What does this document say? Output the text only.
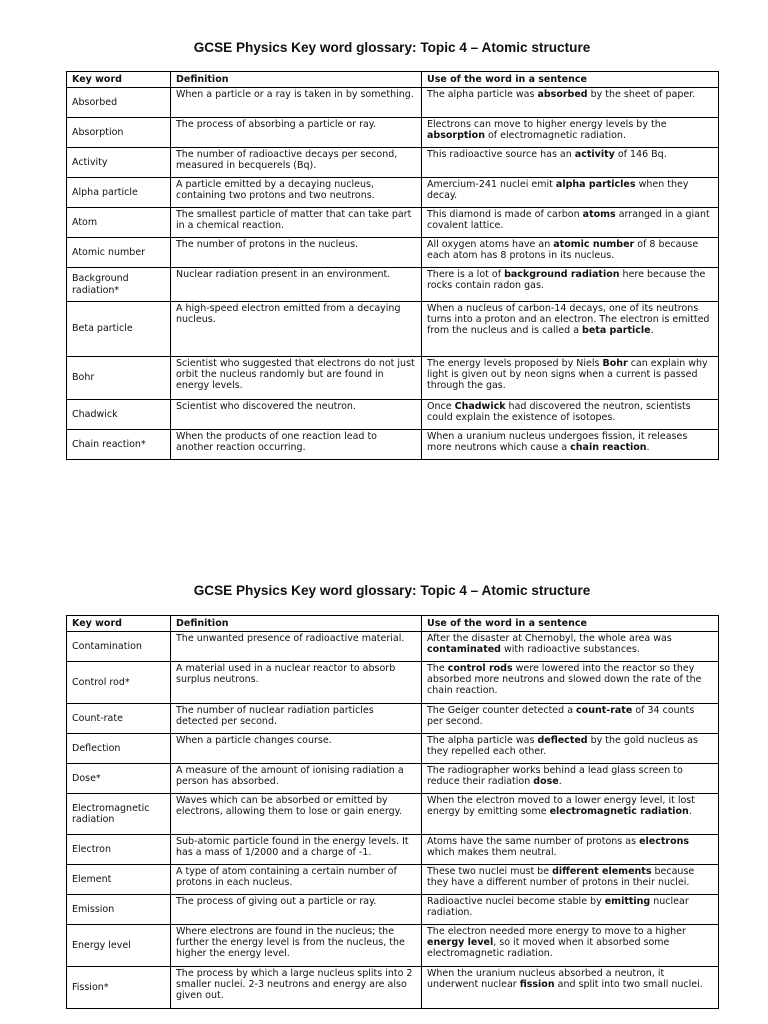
GCSE Physics Key word glossary: Topic 4 – Atomic structure
Key word	Definition	Use of the word in a sentence
Absorbed	When a particle or a ray is taken in by something.	The alpha particle was absorbed by the sheet of paper.
Absorption	The process of absorbing a particle or ray.	Electrons can move to higher energy levels by the absorption of electromagnetic radiation.
Activity	The number of radioactive decays per second, measured in becquerels (Bq).	This radioactive source has an activity of 146 Bq.
Alpha particle	A particle emitted by a decaying nucleus, containing two protons and two neutrons.	Amercium-241 nuclei emit alpha particles when they decay.
Atom	The smallest particle of matter that can take part in a chemical reaction.	This diamond is made of carbon atoms arranged in a giant covalent lattice.
Atomic number	The number of protons in the nucleus.	All oxygen atoms have an atomic number of 8 because each atom has 8 protons in its nucleus.
Background radiation*	Nuclear radiation present in an environment.	There is a lot of background radiation here because the rocks contain radon gas.
Beta particle	A high-speed electron emitted from a decaying nucleus.	When a nucleus of carbon-14 decays, one of its neutrons turns into a proton and an electron. The electron is emitted from the nucleus and is called a beta particle.
Bohr	Scientist who suggested that electrons do not just orbit the nucleus randomly but are found in energy levels.	The energy levels proposed by Niels Bohr can explain why light is given out by neon signs when a current is passed through the gas.
Chadwick	Scientist who discovered the neutron.	Once Chadwick had discovered the neutron, scientists could explain the existence of isotopes.
Chain reaction*	When the products of one reaction lead to another reaction occurring.	When a uranium nucleus undergoes fission, it releases more neutrons which cause a chain reaction.
GCSE Physics Key word glossary: Topic 4 – Atomic structure
Key word	Definition	Use of the word in a sentence
Contamination	The unwanted presence of radioactive material.	After the disaster at Chernobyl, the whole area was contaminated with radioactive substances.
Control rod*	A material used in a nuclear reactor to absorb surplus neutrons.	The control rods were lowered into the reactor so they absorbed more neutrons and slowed down the rate of the chain reaction.
Count-rate	The number of nuclear radiation particles detected per second.	The Geiger counter detected a count-rate of 34 counts per second.
Deflection	When a particle changes course.	The alpha particle was deflected by the gold nucleus as they repelled each other.
Dose*	A measure of the amount of ionising radiation a person has absorbed.	The radiographer works behind a lead glass screen to reduce their radiation dose.
Electromagnetic radiation	Waves which can be absorbed or emitted by electrons, allowing them to lose or gain energy.	When the electron moved to a lower energy level, it lost energy by emitting some electromagnetic radiation.
Electron	Sub-atomic particle found in the energy levels. It has a mass of 1/2000 and a charge of -1.	Atoms have the same number of protons as electrons which makes them neutral.
Element	A type of atom containing a certain number of protons in each nucleus.	These two nuclei must be different elements because they have a different number of protons in their nuclei.
Emission	The process of giving out a particle or ray.	Radioactive nuclei become stable by emitting nuclear radiation.
Energy level	Where electrons are found in the nucleus; the further the energy level is from the nucleus, the higher the energy level.	The electron needed more energy to move to a higher energy level, so it moved when it absorbed some electromagnetic radiation.
Fission*	The process by which a large nucleus splits into 2 smaller nuclei. 2-3 neutrons and energy are also given out.	When the uranium nucleus absorbed a neutron, it underwent nuclear fission and split into two small nuclei.
